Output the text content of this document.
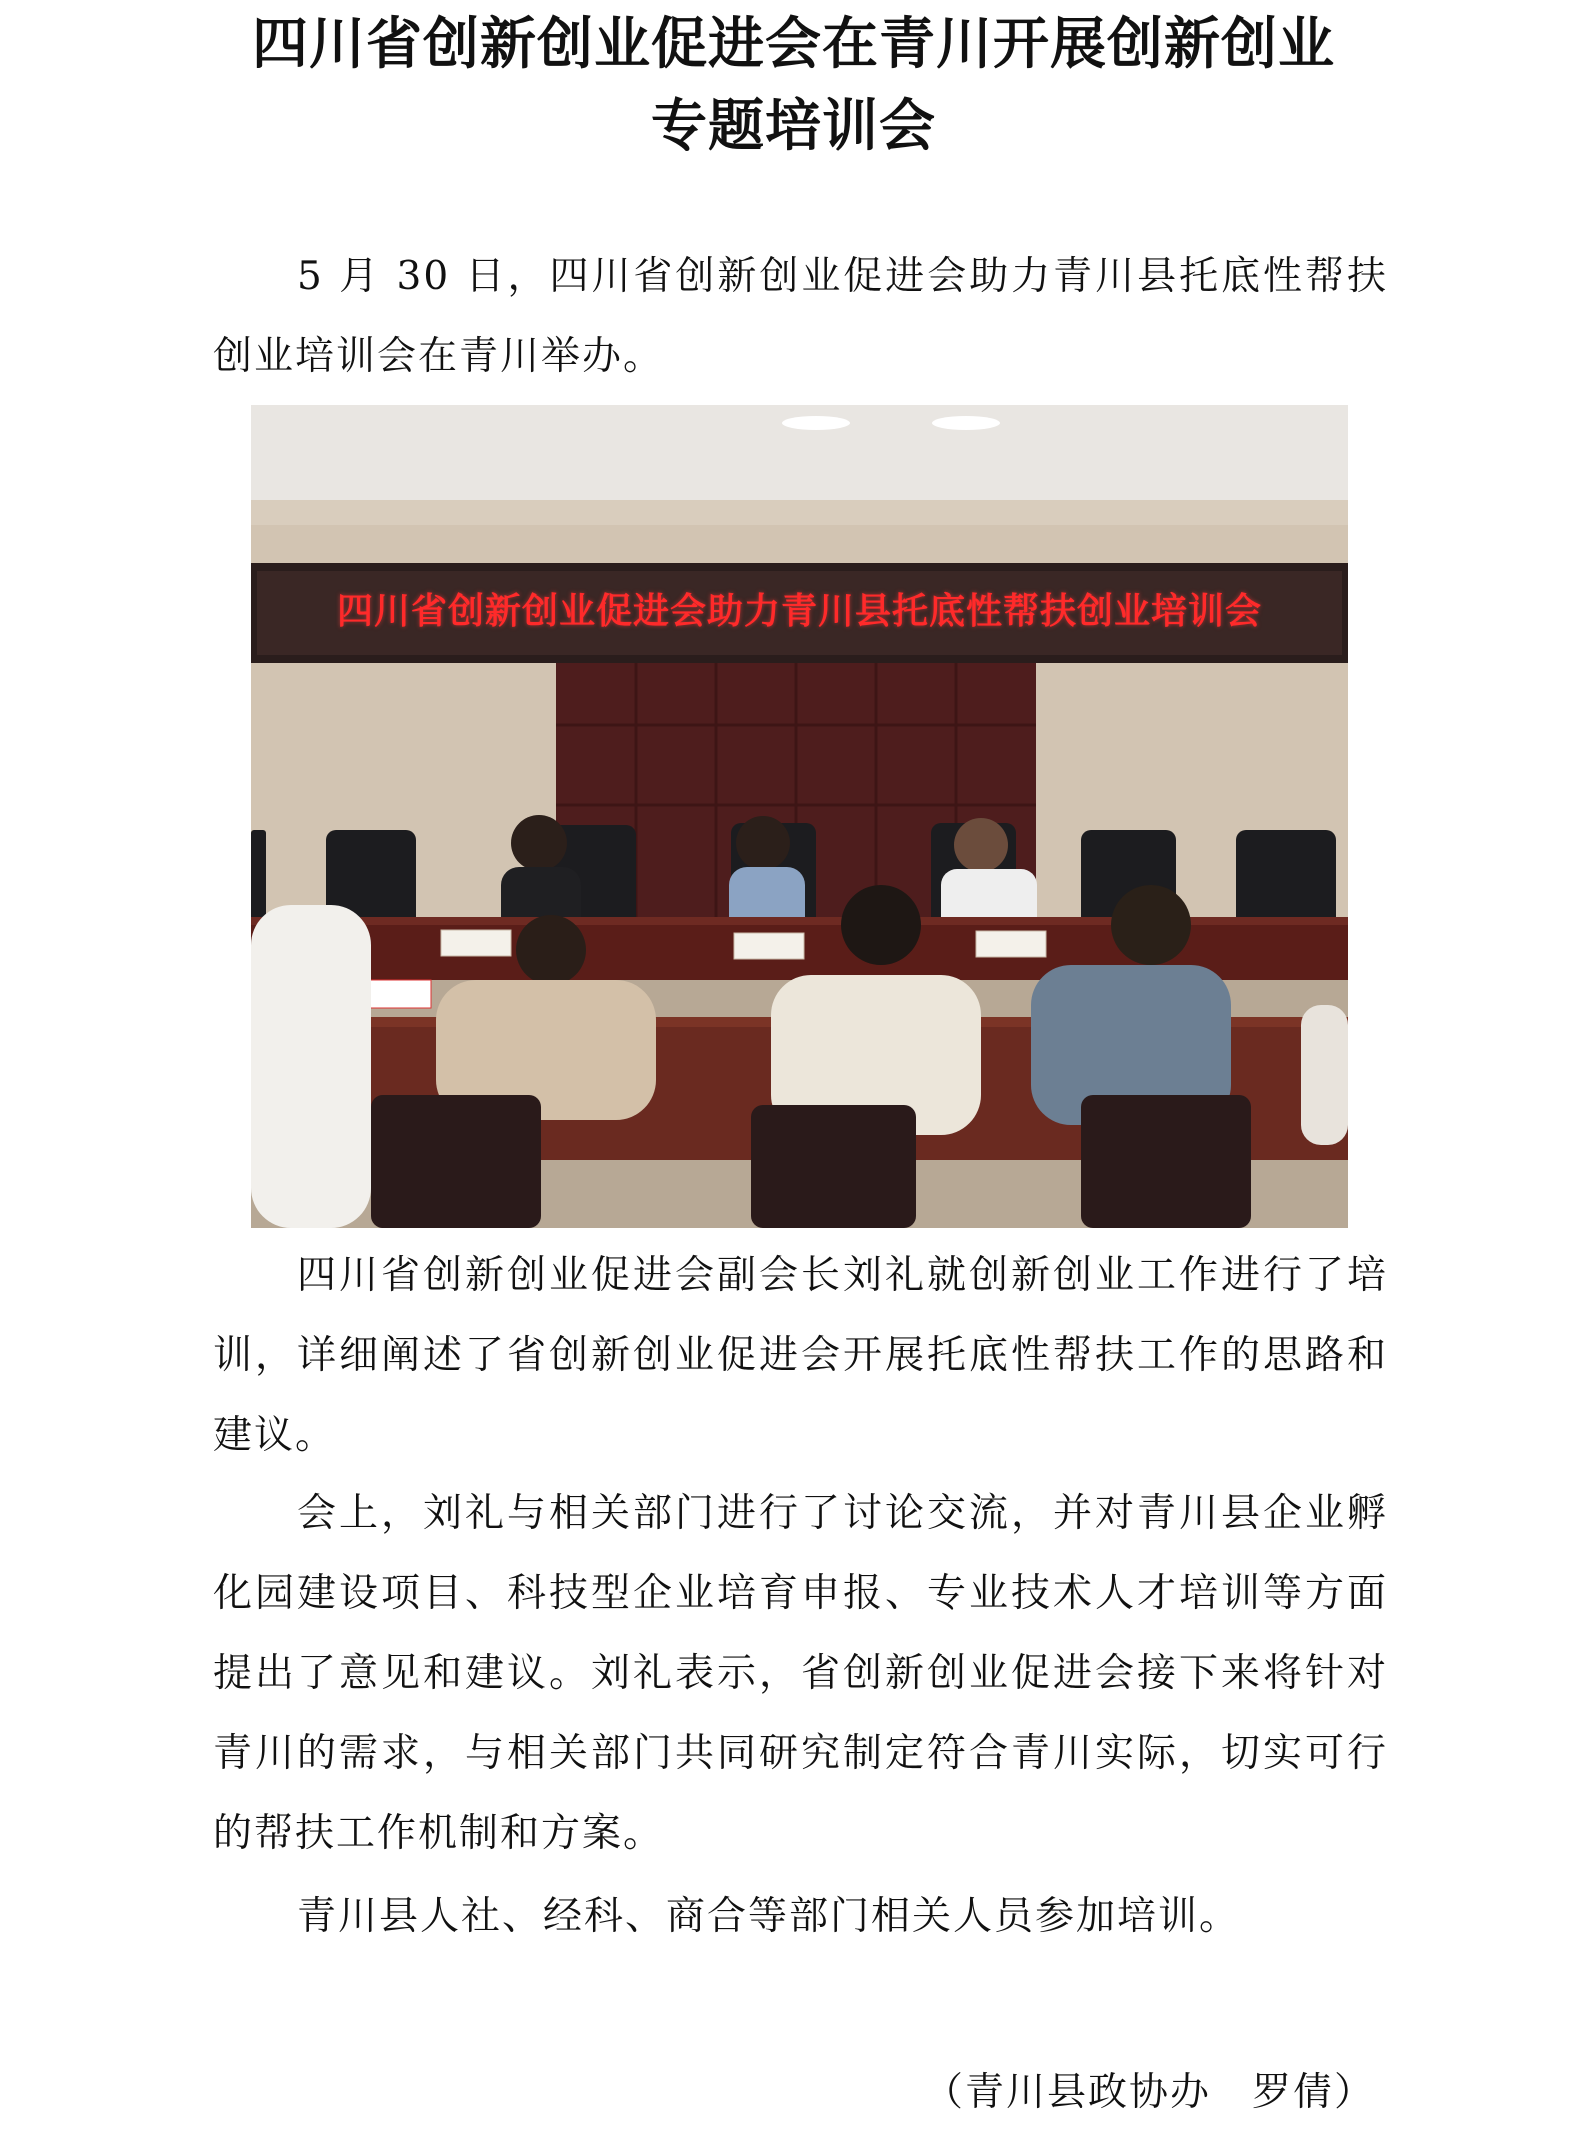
四川省创新创业促进会在青川开展创新创业
专题培训会
5 月 30 日，四川省创新创业促进会助力青川县托底性帮扶创业培训会在青川举办。
四川省创新创业促进会助力青川县托底性帮扶创业培训会
四川省创新创业促进会副会长刘礼就创新创业工作进行了培训，详细阐述了省创新创业促进会开展托底性帮扶工作的思路和建议。
会上，刘礼与相关部门进行了讨论交流，并对青川县企业孵化园建设项目、科技型企业培育申报、专业技术人才培训等方面提出了意见和建议。刘礼表示，省创新创业促进会接下来将针对青川的需求，与相关部门共同研究制定符合青川实际，切实可行的帮扶工作机制和方案。
青川县人社、经科、商合等部门相关人员参加培训。
（青川县政协办　罗倩）
